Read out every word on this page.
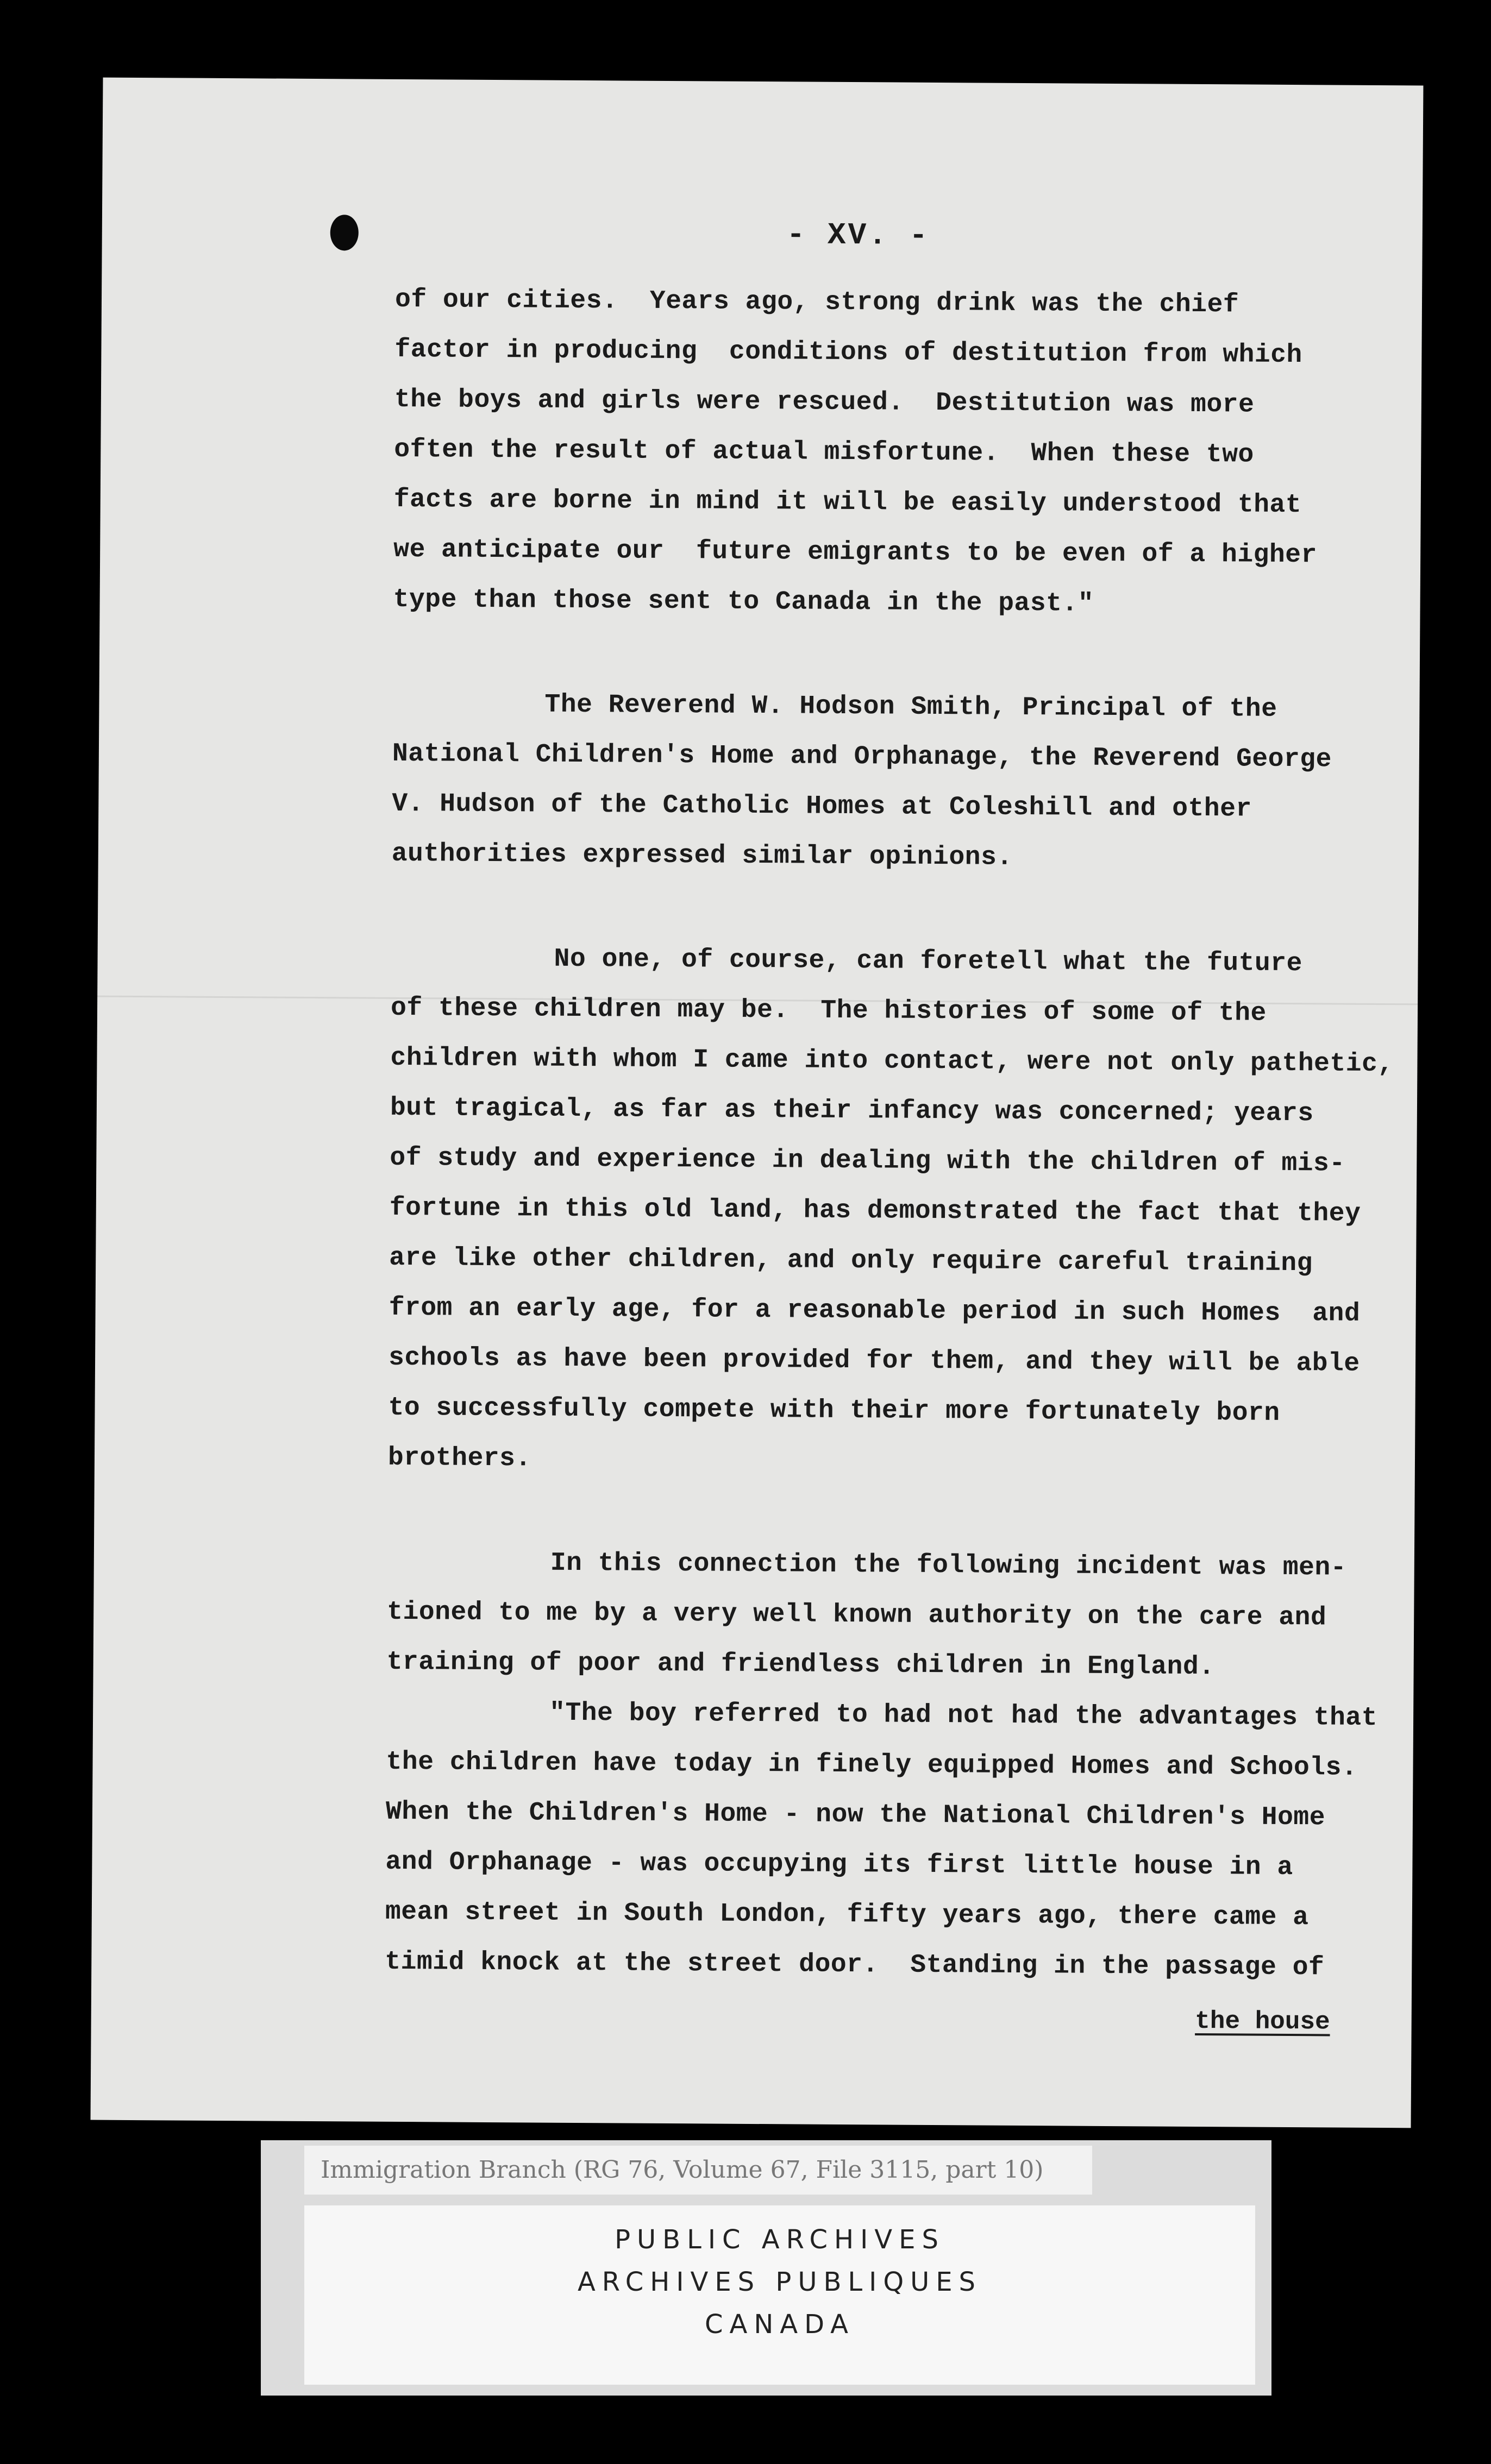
- XV. -
of our cities.  Years ago, strong drink was the chief
factor in producing  conditions of destitution from which
the boys and girls were rescued.  Destitution was more
often the result of actual misfortune.  When these two
facts are borne in mind it will be easily understood that
we anticipate our  future emigrants to be even of a higher
type than those sent to Canada in the past."
The Reverend W. Hodson Smith, Principal of the
National Children's Home and Orphanage, the Reverend George
V. Hudson of the Catholic Homes at Coleshill and other
authorities expressed similar opinions.
No one, of course, can foretell what the future
of these children may be.  The histories of some of the
children with whom I came into contact, were not only pathetic,
but tragical, as far as their infancy was concerned; years
of study and experience in dealing with the children of mis-
fortune in this old land, has demonstrated the fact that they
are like other children, and only require careful training
from an early age, for a reasonable period in such Homes  and
schools as have been provided for them, and they will be able
to successfully compete with their more fortunately born
brothers.
In this connection the following incident was men-
tioned to me by a very well known authority on the care and
training of poor and friendless children in England.
"The boy referred to had not had the advantages that
the children have today in finely equipped Homes and Schools.
When the Children's Home - now the National Children's Home
and Orphanage - was occupying its first little house in a
mean street in South London, fifty years ago, there came a
timid knock at the street door.  Standing in the passage of
the house
Immigration Branch (RG 76, Volume 67, File 3115, part 10)
PUBLIC ARCHIVES
ARCHIVES PUBLIQUES
CANADA
